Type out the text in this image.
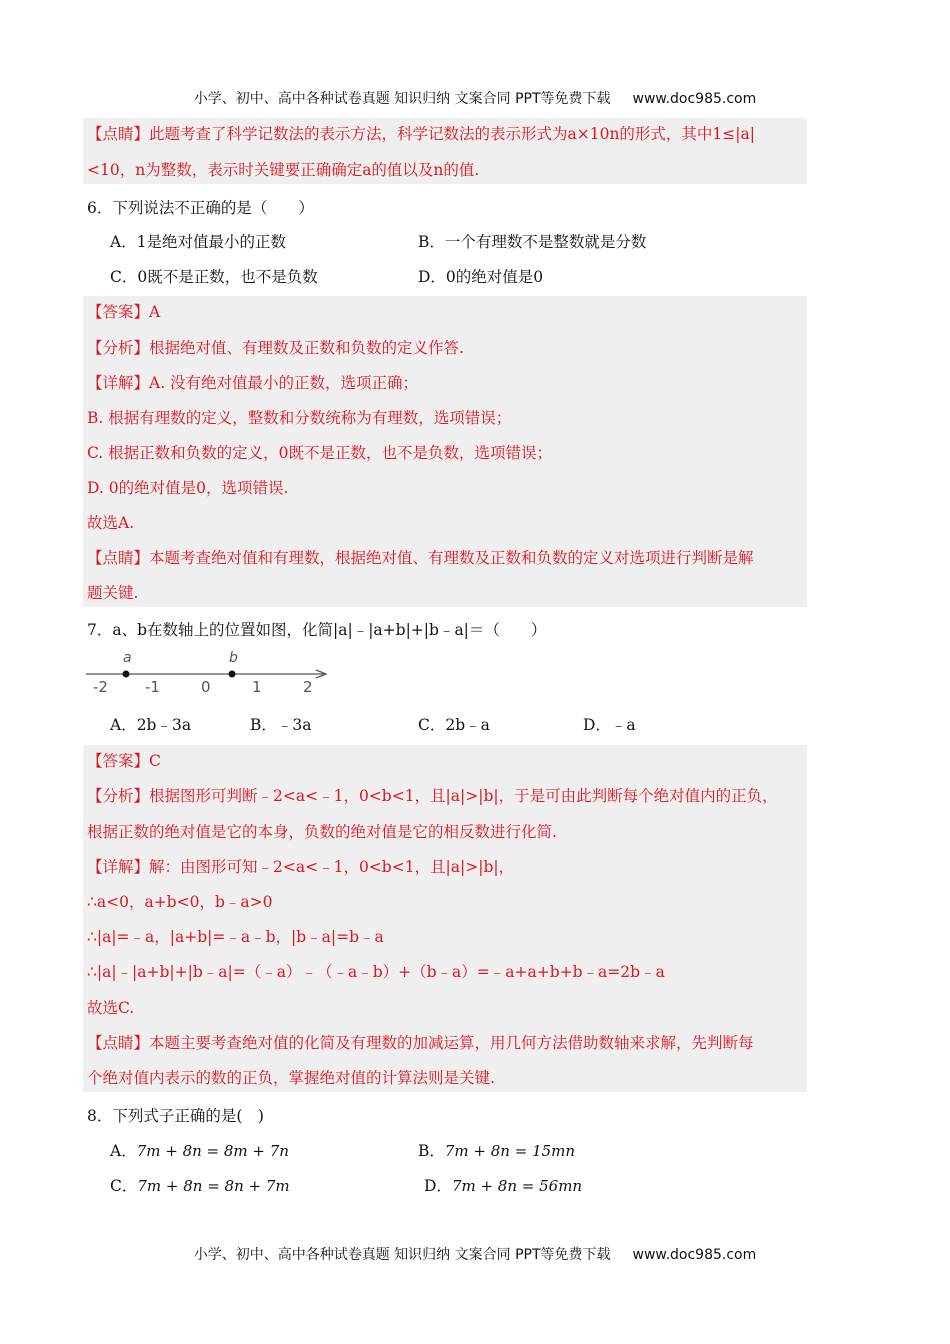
小学、初中、高中各种试卷真题 知识归纳 文案合同 PPT等免费下载 www.doc985.com
【点睛】此题考查了科学记数法的表示方法，科学记数法的表示形式为a×10n的形式，其中1≤|a|
<10，n为整数，表示时关键要正确确定a的值以及n的值.
6．下列说法不正确的是（　　）
A．1是绝对值最小的正数	B．一个有理数不是整数就是分数
C．0既不是正数，也不是负数	D．0的绝对值是0
【答案】A
【分析】根据绝对值、有理数及正数和负数的定义作答.
【详解】A. 没有绝对值最小的正数，选项正确；
B. 根据有理数的定义，整数和分数统称为有理数，选项错误；
C. 根据正数和负数的定义，0既不是正数，也不是负数，选项错误；
D. 0的绝对值是0，选项错误.
故选A.
【点睛】本题考查绝对值和有理数，根据绝对值、有理数及正数和负数的定义对选项进行判断是解
题关键.
7．a、b在数轴上的位置如图，化简|a|﹣|a+b|+|b﹣a|＝（　　）
a	b
-2 -1	0	1	2
A．2b﹣3a	B．﹣3a	C．2b﹣a	D．﹣a
【答案】C
【分析】根据图形可判断﹣2<a<﹣1，0<b<1，且|a|>|b|，于是可由此判断每个绝对值内的正负，
根据正数的绝对值是它的本身，负数的绝对值是它的相反数进行化简.
【详解】解：由图形可知﹣2<a<﹣1，0<b<1，且|a|>|b|，
∴a<0，a+b<0，b﹣a>0
∴|a|=﹣a，|a+b|=﹣a﹣b，|b﹣a|=b﹣a
∴|a|﹣|a+b|+|b﹣a|=（﹣a）﹣（﹣a﹣b）+（b﹣a）=﹣a+a+b+b﹣a=2b﹣a
故选C.
【点睛】本题主要考查绝对值的化简及有理数的加减运算，用几何方法借助数轴来求解，先判断每
个绝对值内表示的数的正负，掌握绝对值的计算法则是关键.
8．下列式子正确的是(　)
A．7m + 8n = 8m + 7n	B．7m + 8n = 15mn
C．7m + 8n = 8n + 7m	D．7m + 8n = 56mn
小学、初中、高中各种试卷真题 知识归纳 文案合同 PPT等免费下载 www.doc985.com
